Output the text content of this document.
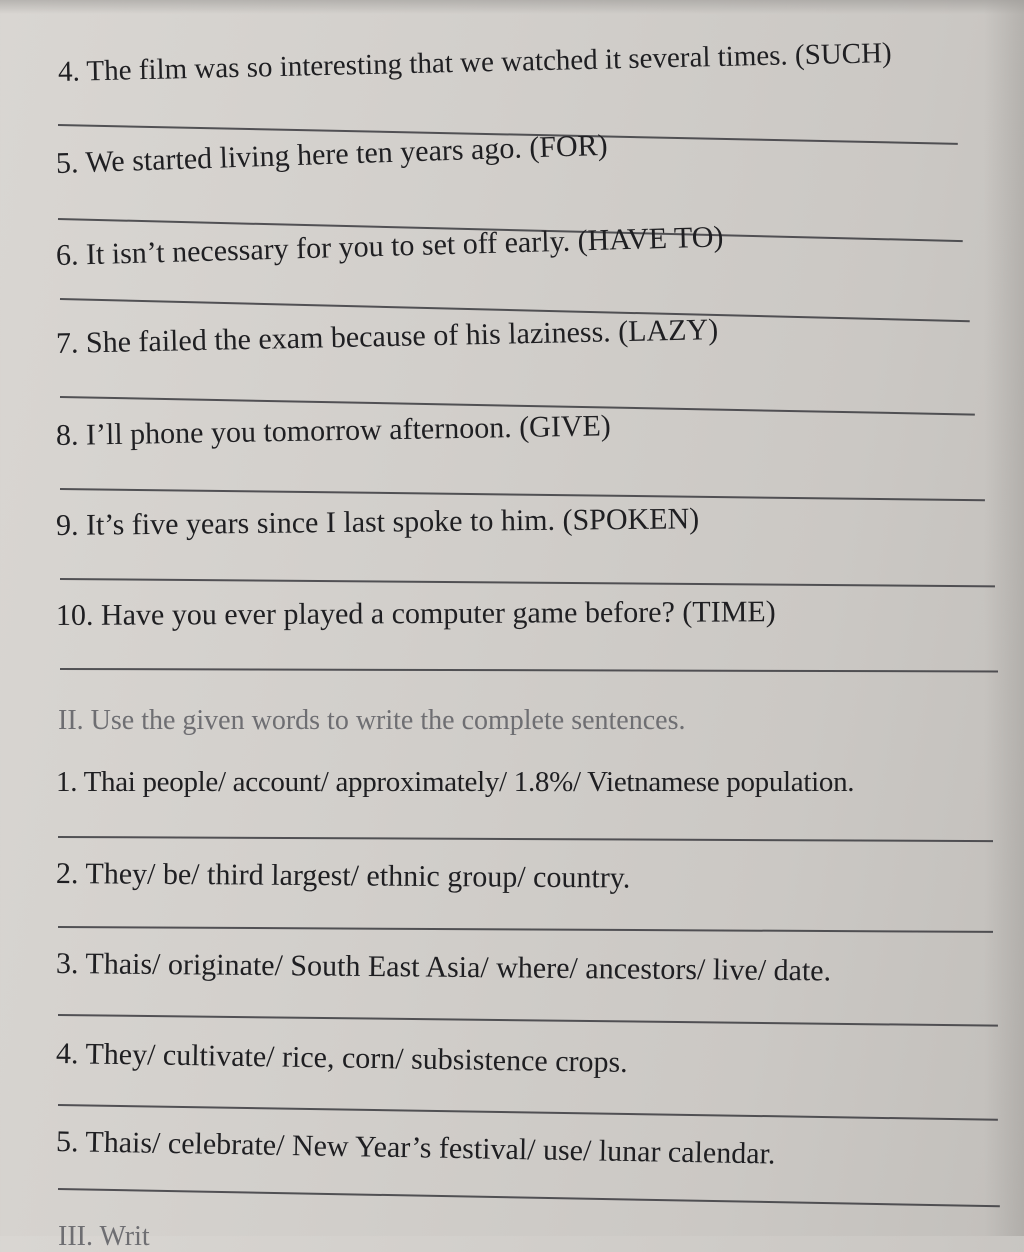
4. The film was so interesting that we watched it several times. (SUCH)
5. We started living here ten years ago. (FOR)
6. It isn’t necessary for you to set off early. (HAVE TO)
7. She failed the exam because of his laziness. (LAZY)
8. I’ll phone you tomorrow afternoon. (GIVE)
9. It’s five years since I last spoke to him. (SPOKEN)
10. Have you ever played a computer game before? (TIME)
II. Use the given words to write the complete sentences.
1. Thai people/ account/ approximately/ 1.8%/ Vietnamese population.
2. They/ be/ third largest/ ethnic group/ country.
3. Thais/ originate/ South East Asia/ where/ ancestors/ live/ date.
4. They/ cultivate/ rice, corn/ subsistence crops.
5. Thais/ celebrate/ New Year’s festival/ use/ lunar calendar.
III. Writ
